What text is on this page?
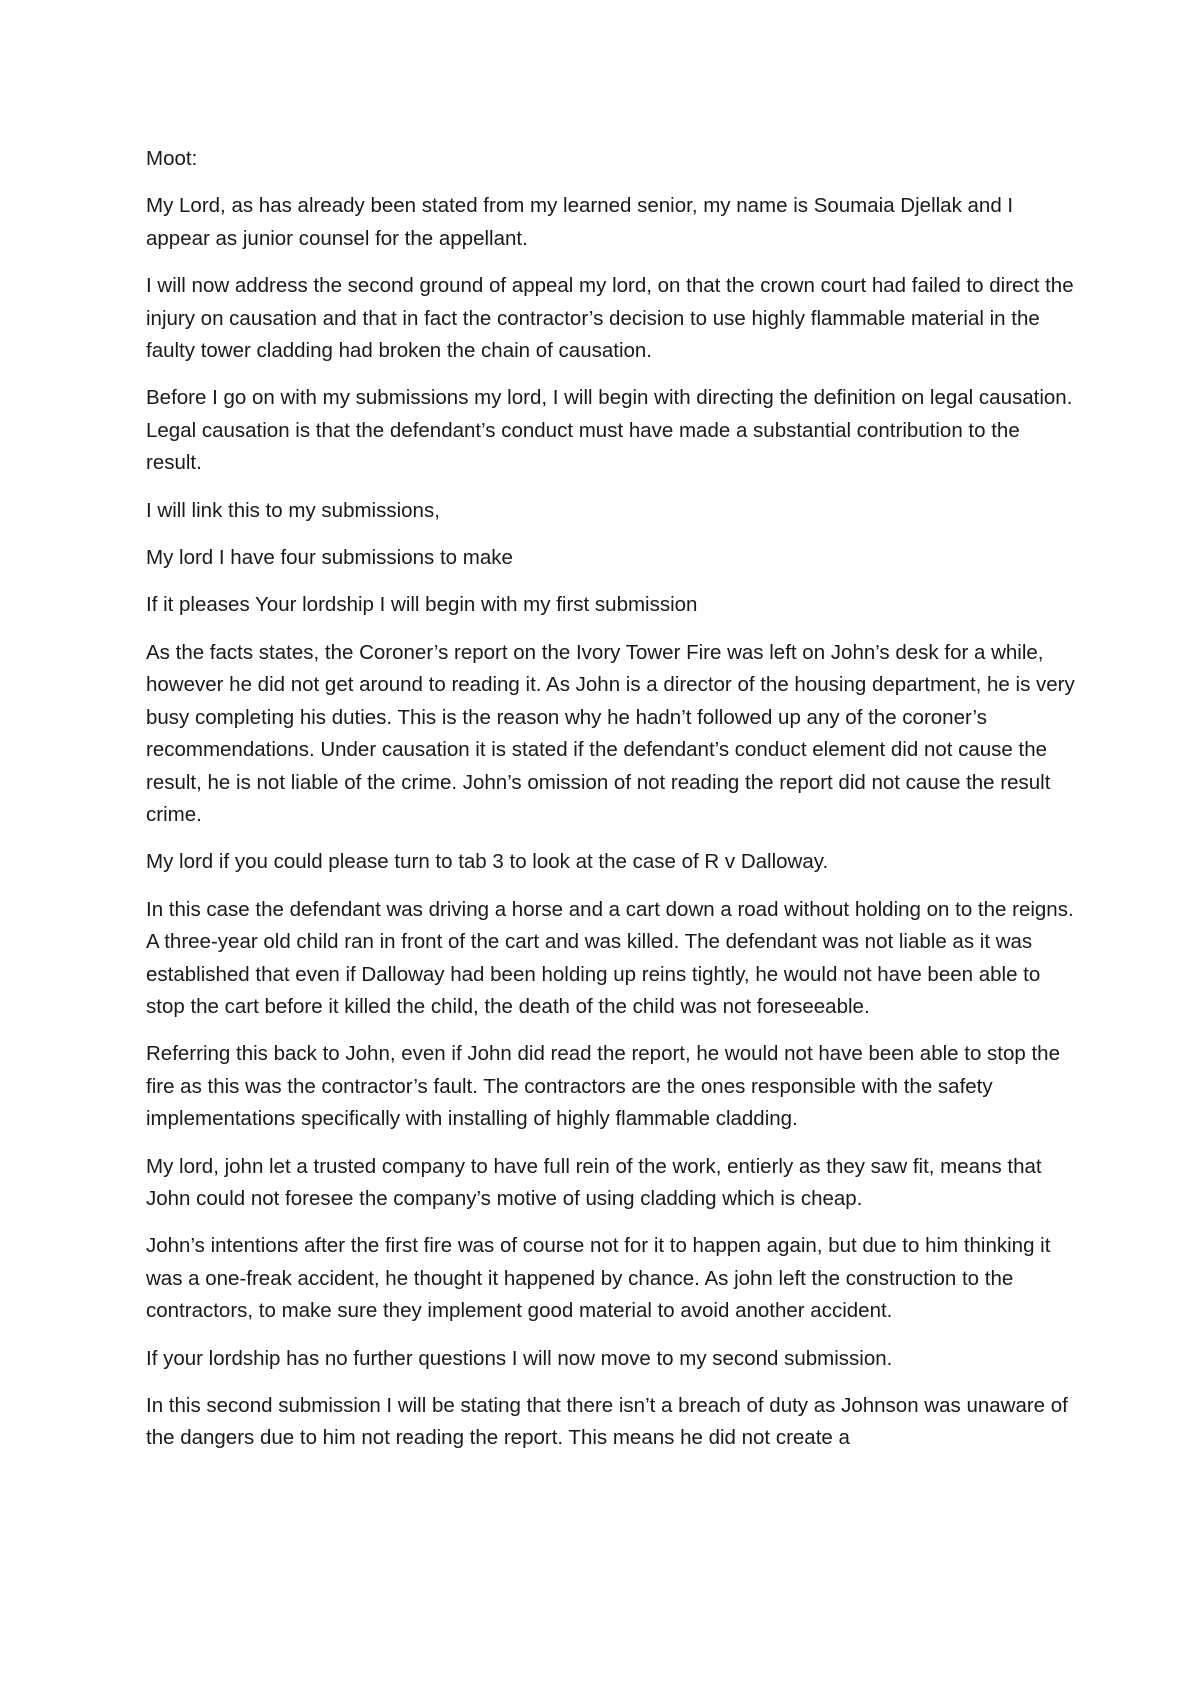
Moot:

My Lord, as has already been stated from my learned senior, my name is Soumaia Djellak and I appear as junior counsel for the appellant.

I will now address the second ground of appeal my lord, on that the crown court had failed to direct the injury on causation and that in fact the contractor’s decision to use highly flammable material in the faulty tower cladding had broken the chain of causation.

Before I go on with my submissions my lord, I will begin with directing the definition on legal causation. Legal causation is that the defendant’s conduct must have made a substantial contribution to the result.

I will link this to my submissions,

My lord I have four submissions to make

If it pleases Your lordship I will begin with my first submission

As the facts states, the Coroner’s report on the Ivory Tower Fire was left on John’s desk for a while, however he did not get around to reading it. As John is a director of the housing department, he is very busy completing his duties. This is the reason why he hadn’t followed up any of the coroner’s recommendations. Under causation it is stated if the defendant’s conduct element did not cause the result, he is not liable of the crime. John’s omission of not reading the report did not cause the result crime.

My lord if you could please turn to tab 3 to look at the case of R v Dalloway.

In this case the defendant was driving a horse and a cart down a road without holding on to the reigns. A three-year old child ran in front of the cart and was killed. The defendant was not liable as it was established that even if Dalloway had been holding up reins tightly, he would not have been able to stop the cart before it killed the child, the death of the child was not foreseeable.

Referring this back to John, even if John did read the report, he would not have been able to stop the fire as this was the contractor’s fault. The contractors are the ones responsible with the safety implementations specifically with installing of highly flammable cladding.

My lord, john let a trusted company to have full rein of the work, entierly as they saw fit, means that John could not foresee the company’s motive of using cladding which is cheap.

John’s intentions after the first fire was of course not for it to happen again, but due to him thinking it was a one-freak accident, he thought it happened by chance. As john left the construction to the contractors, to make sure they implement good material to avoid another accident.

If your lordship has no further questions I will now move to my second submission.

In this second submission I will be stating that there isn’t a breach of duty as Johnson was unaware of the dangers due to him not reading the report. This means he did not create a
